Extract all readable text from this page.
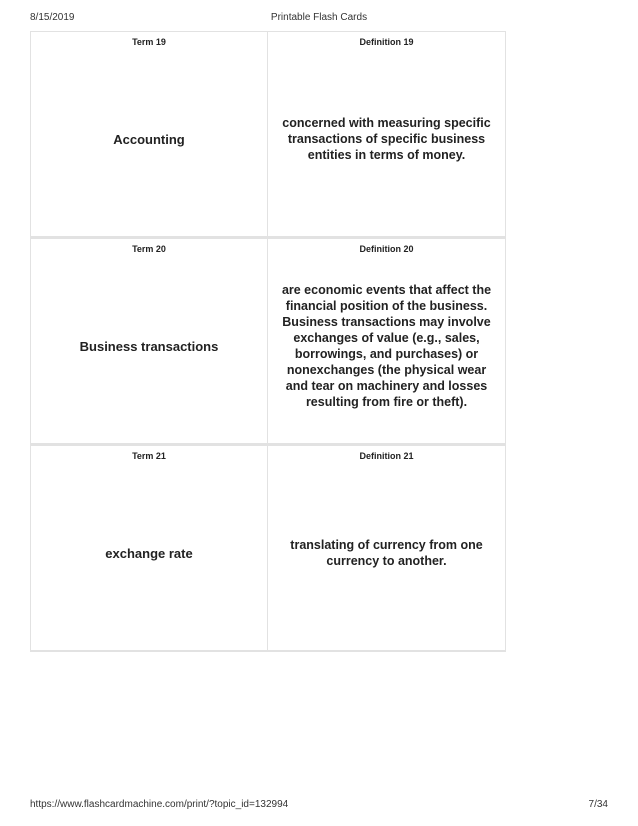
8/15/2019	Printable Flash Cards
Term 19
Accounting
Definition 19
concerned with measuring specific transactions of specific business entities in terms of money.
Term 20
Business transactions
Definition 20
are economic events that affect the financial position of the business. Business transactions may involve exchanges of value (e.g., sales, borrowings, and purchases) or nonexchanges (the physical wear and tear on machinery and losses resulting from fire or theft).
Term 21
exchange rate
Definition 21
translating of currency from one currency to another.
https://www.flashcardmachine.com/print/?topic_id=132994	7/34
